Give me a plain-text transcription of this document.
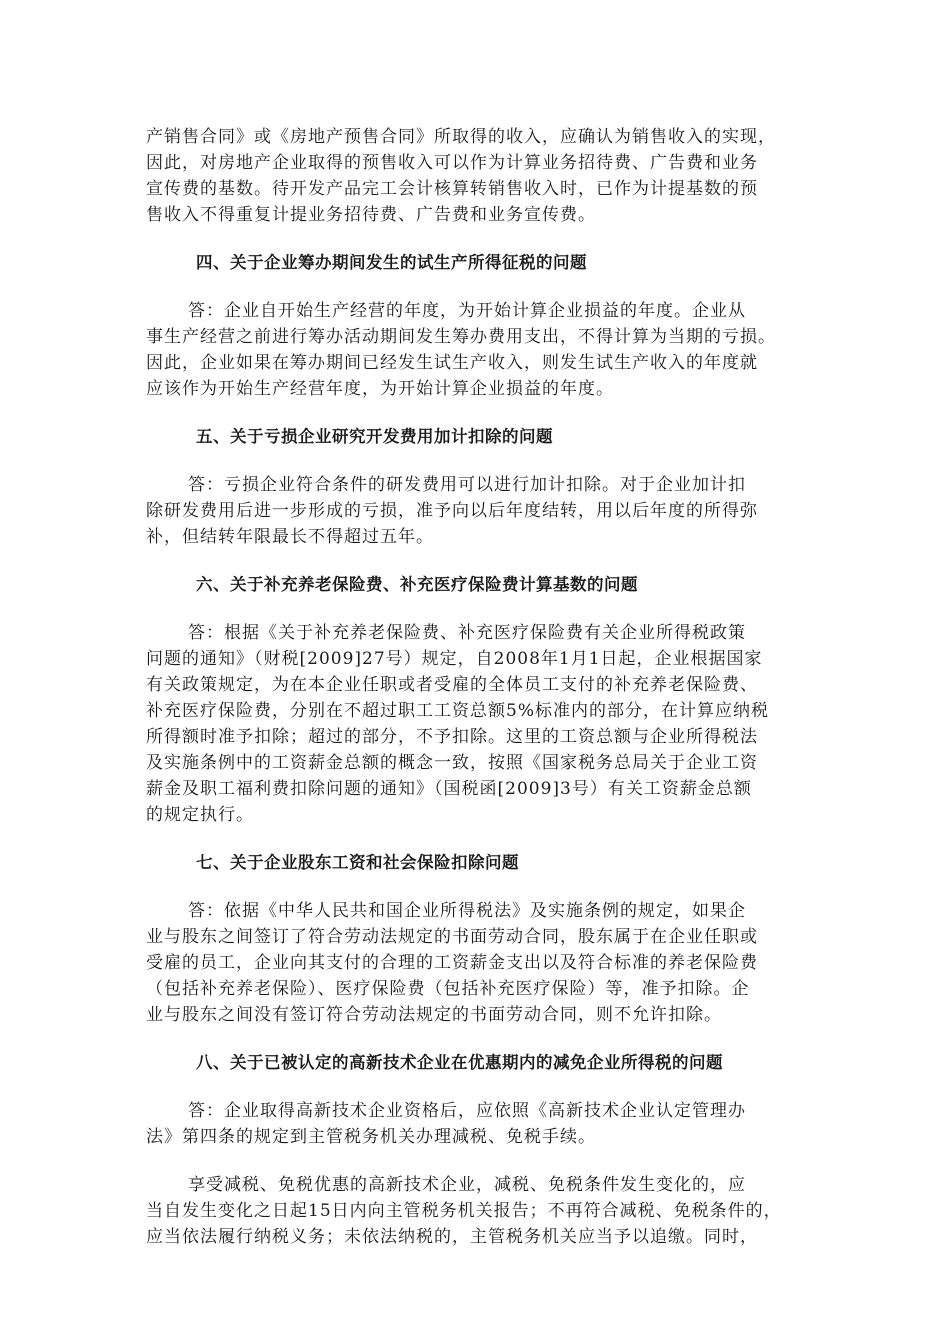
产销售合同》或《房地产预售合同》所取得的收入，应确认为销售收入的实现，
因此，对房地产企业取得的预售收入可以作为计算业务招待费、广告费和业务
宣传费的基数。待开发产品完工会计核算转销售收入时，已作为计提基数的预
售收入不得重复计提业务招待费、广告费和业务宣传费。
四、关于企业筹办期间发生的试生产所得征税的问题
答：企业自开始生产经营的年度，为开始计算企业损益的年度。企业从
事生产经营之前进行筹办活动期间发生筹办费用支出，不得计算为当期的亏损。
因此，企业如果在筹办期间已经发生试生产收入，则发生试生产收入的年度就
应该作为开始生产经营年度，为开始计算企业损益的年度。
五、关于亏损企业研究开发费用加计扣除的问题
答：亏损企业符合条件的研发费用可以进行加计扣除。对于企业加计扣
除研发费用后进一步形成的亏损，准予向以后年度结转，用以后年度的所得弥
补，但结转年限最长不得超过五年。
六、关于补充养老保险费、补充医疗保险费计算基数的问题
答：根据《关于补充养老保险费、补充医疗保险费有关企业所得税政策
问题的通知》（财税[2009]27号）规定，自2008年1月1日起，企业根据国家
有关政策规定，为在本企业任职或者受雇的全体员工支付的补充养老保险费、
补充医疗保险费，分别在不超过职工工资总额5%标准内的部分，在计算应纳税
所得额时准予扣除；超过的部分，不予扣除。这里的工资总额与企业所得税法
及实施条例中的工资薪金总额的概念一致，按照《国家税务总局关于企业工资
薪金及职工福利费扣除问题的通知》（国税函[2009]3号）有关工资薪金总额
的规定执行。
七、关于企业股东工资和社会保险扣除问题
答：依据《中华人民共和国企业所得税法》及实施条例的规定，如果企
业与股东之间签订了符合劳动法规定的书面劳动合同，股东属于在企业任职或
受雇的员工，企业向其支付的合理的工资薪金支出以及符合标准的养老保险费
（包括补充养老保险）、医疗保险费（包括补充医疗保险）等，准予扣除。企
业与股东之间没有签订符合劳动法规定的书面劳动合同，则不允许扣除。
八、关于已被认定的高新技术企业在优惠期内的减免企业所得税的问题
答：企业取得高新技术企业资格后，应依照《高新技术企业认定管理办
法》第四条的规定到主管税务机关办理减税、免税手续。
享受减税、免税优惠的高新技术企业，减税、免税条件发生变化的，应
当自发生变化之日起15日内向主管税务机关报告；不再符合减税、免税条件的，
应当依法履行纳税义务；未依法纳税的，主管税务机关应当予以追缴。同时，
